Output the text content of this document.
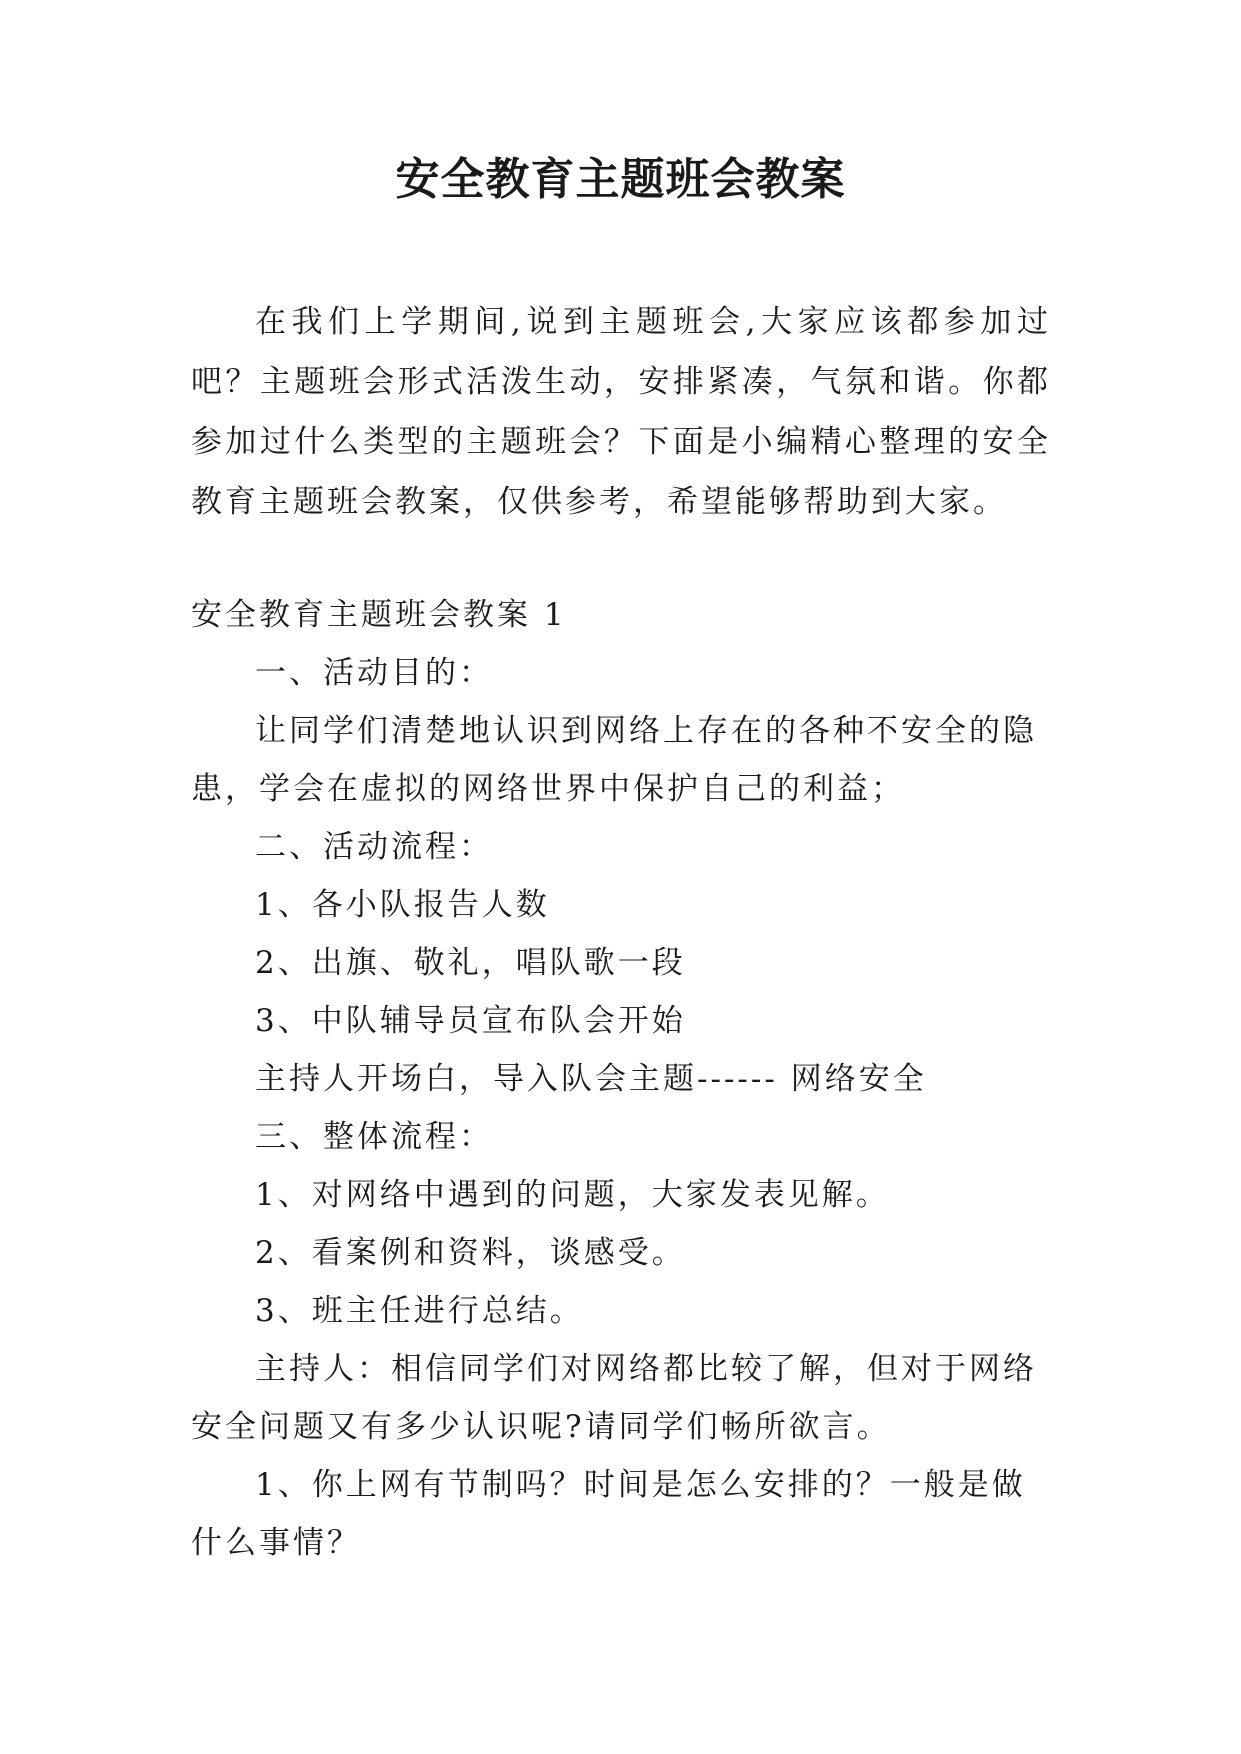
安全教育主题班会教案

在我们上学期间,说到主题班会,大家应该都参加过吧？主题班会形式活泼生动，安排紧凑，气氛和谐。你都参加过什么类型的主题班会？下面是小编精心整理的安全教育主题班会教案，仅供参考，希望能够帮助到大家。

安全教育主题班会教案 1

一、活动目的：

让同学们清楚地认识到网络上存在的各种不安全的隐患，学会在虚拟的网络世界中保护自己的利益；

二、活动流程：

1、各小队报告人数

2、出旗、敬礼，唱队歌一段

3、中队辅导员宣布队会开始

主持人开场白，导入队会主题------ 网络安全

三、整体流程：

1、对网络中遇到的问题，大家发表见解。

2、看案例和资料，谈感受。

3、班主任进行总结。

主持人：相信同学们对网络都比较了解，但对于网络安全问题又有多少认识呢?请同学们畅所欲言。

1、你上网有节制吗？时间是怎么安排的？一般是做什么事情？
